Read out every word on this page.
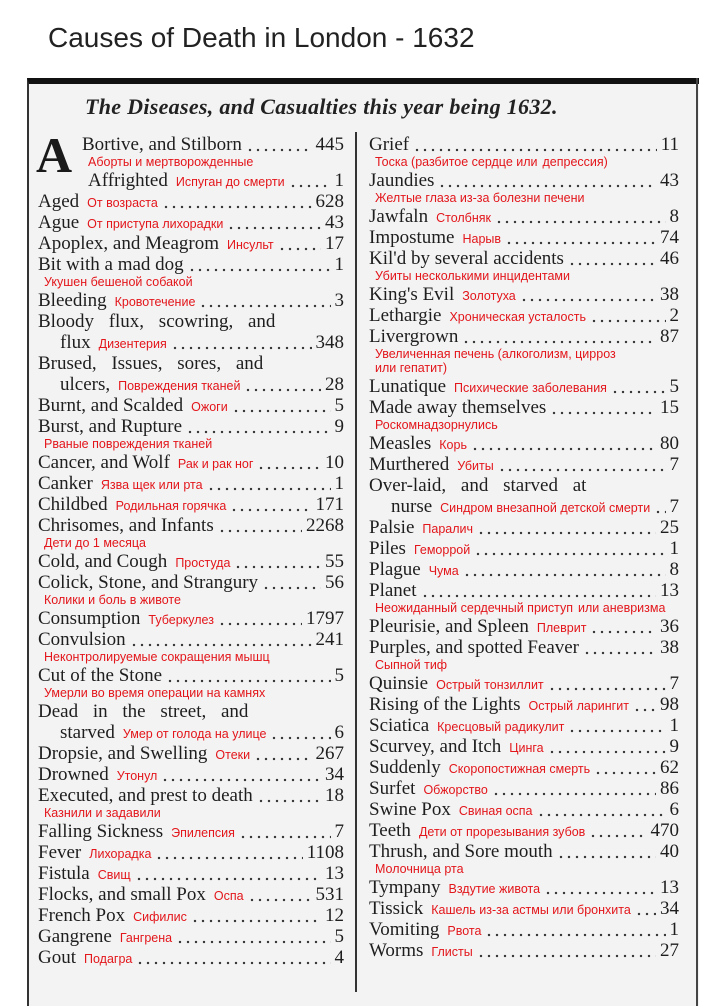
Causes of Death in London - 1632
The Diseases, and Casualties this year being 1632.
A Bortive, and Stilborn	445
Аборты и мертворожденные
Affrighted Испуган до смерти	1
Aged От возраста	628
Ague От приступа лихорадки	43
Apoplex, and Meagrom Инсульт	17
Bit with a mad dog	1
Укушен бешеной собакой
Bleeding Кровотечение	3
Bloody flux, scowring, and
flux Дизентерия	348
Brused, Issues, sores, and
ulcers, Повреждения тканей	28
Burnt, and Scalded Ожоги	5
Burst, and Rupture	9
Рваные повреждения тканей
Cancer, and Wolf Рак и рак ног	10
Canker Язва щек или рта	1
Childbed Родильная горячка	171
Chrisomes, and Infants	2268
Дети до 1 месяца
Cold, and Cough Простуда	55
Colick, Stone, and Strangury	56
Колики и боль в животе
Consumption Туберкулез	1797
Convulsion	241
Неконтролируемые сокращения мышц
Cut of the Stone	5
Умерли во время операции на камнях
Dead in the street, and
starved Умер от голода на улице	6
Dropsie, and Swelling Отеки	267
Drowned Утонул	34
Executed, and prest to death	18
Казнили и задавили
Falling Sickness Эпилепсия	7
Fever Лихорадка	1108
Fistula Свищ	13
Flocks, and small Pox Оспа	531
French Pox Сифилис	12
Gangrene Гангрена	5
Gout Подагра	4
Grief	11
Тоска (разбитое сердце или депрессия)
Jaundies	43
Желтые глаза из-за болезни печени
Jawfaln Столбняк	8
Impostume Нарыв	74
Kil'd by several accidents	46
Убиты несколькими инцидентами
King's Evil Золотуха	38
Lethargie Хроническая усталость	2
Livergrown	87
Увеличенная печень (алкоголизм, циррозили гепатит)
Lunatique Психические заболевания	5
Made away themselves	15
Роскомнадзорнулись
Measles Корь	80
Murthered Убиты	7
Over-laid, and starved at
nurse Синдром внезапной детской смерти 7
Palsie Паралич	25
Piles Геморрой	1
Plague Чума	8
Planet	13
Неожиданный сердечный приступ или аневризма
Pleurisie, and Spleen Плеврит	36
Purples, and spotted Feaver	38
Сыпной тиф
Quinsie Острый тонзиллит	7
Rising of the Lights Острый ларингит 98
Sciatica Кресцовый радикулит	1
Scurvey, and Itch Цинга	9
Suddenly Скоропостижная смерть	62
Surfet Обжорство	86
Swine Pox Свиная оспа	6
Teeth Дети от прорезывания зубов	470
Thrush, and Sore mouth	40
Молочница рта
Tympany Вздутие живота	13
Tissick Кашель из-за астмы или бронхита 34
Vomiting Рвота	1
Worms Глисты	27
